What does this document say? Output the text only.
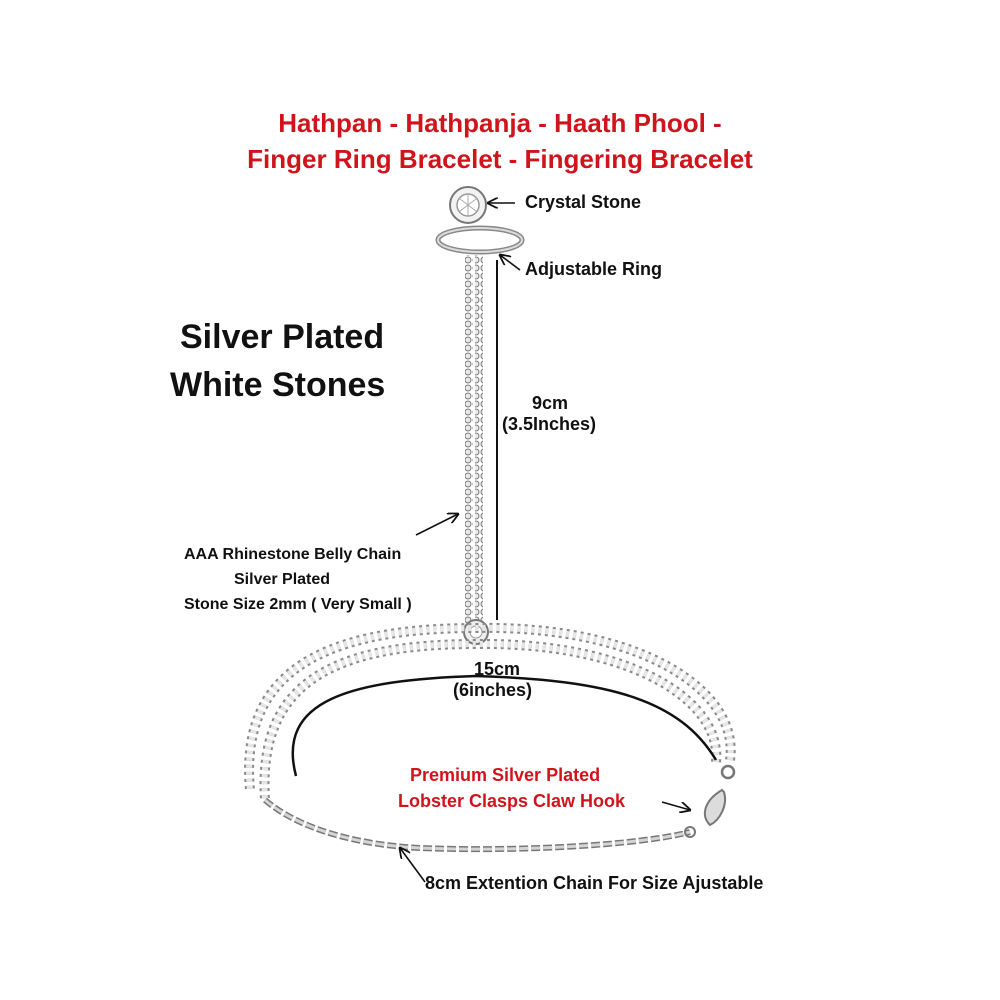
Hathpan - Hathpanja - Haath Phool -
Finger Ring Bracelet - Fingering Bracelet
Silver Plated
White Stones
Crystal Stone
Adjustable Ring
9cm
(3.5Inches)
AAA Rhinestone Belly Chain
Silver Plated
Stone Size 2mm ( Very Small )
15cm
(6inches)
Premium Silver Plated
Lobster Clasps Claw Hook
8cm Extention Chain For Size Ajustable
